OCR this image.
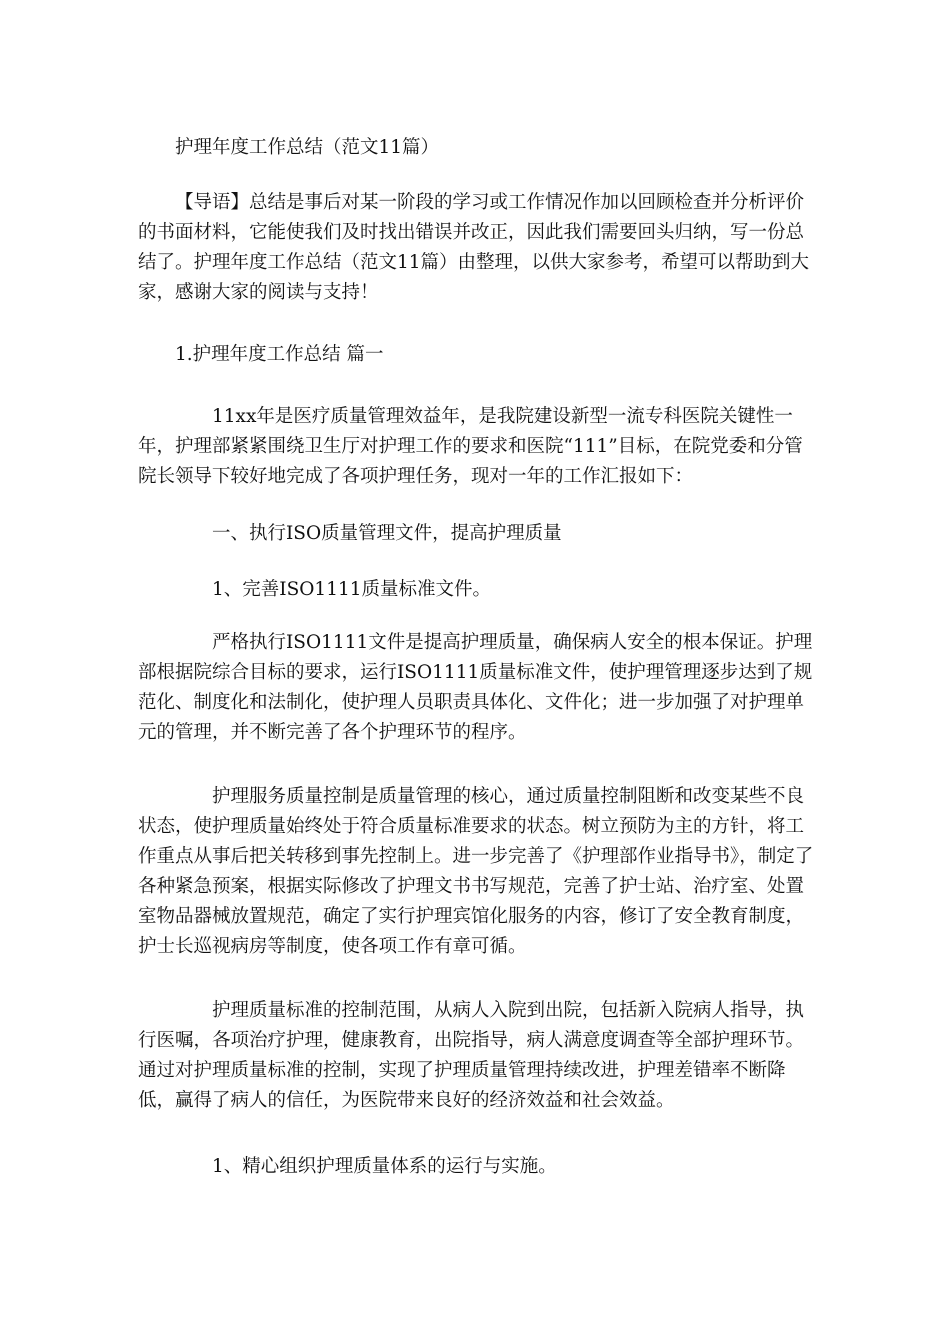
护理年度工作总结（范文11篇）

【导语】总结是事后对某一阶段的学习或工作情况作加以回顾检查并分析评价的书面材料，它能使我们及时找出错误并改正，因此我们需要回头归纳，写一份总结了。护理年度工作总结（范文11篇）由整理，以供大家参考，希望可以帮助到大家，感谢大家的阅读与支持！

1.护理年度工作总结 篇一

11xx年是医疗质量管理效益年，是我院建设新型一流专科医院关键性一年，护理部紧紧围绕卫生厅对护理工作的要求和医院“111”目标，在院党委和分管院长领导下较好地完成了各项护理任务，现对一年的工作汇报如下：

一、执行ISO质量管理文件，提高护理质量

1、完善ISO1111质量标准文件。

严格执行ISO1111文件是提高护理质量，确保病人安全的根本保证。护理部根据院综合目标的要求，运行ISO1111质量标准文件，使护理管理逐步达到了规范化、制度化和法制化，使护理人员职责具体化、文件化；进一步加强了对护理单元的管理，并不断完善了各个护理环节的程序。

护理服务质量控制是质量管理的核心，通过质量控制阻断和改变某些不良状态，使护理质量始终处于符合质量标准要求的状态。树立预防为主的方针，将工作重点从事后把关转移到事先控制上。进一步完善了《护理部作业指导书》，制定了各种紧急预案，根据实际修改了护理文书书写规范，完善了护士站、治疗室、处置室物品器械放置规范，确定了实行护理宾馆化服务的内容，修订了安全教育制度，护士长巡视病房等制度，使各项工作有章可循。

护理质量标准的控制范围，从病人入院到出院，包括新入院病人指导，执行医嘱，各项治疗护理，健康教育，出院指导，病人满意度调查等全部护理环节。通过对护理质量标准的控制，实现了护理质量管理持续改进，护理差错率不断降低，赢得了病人的信任，为医院带来良好的经济效益和社会效益。

1、精心组织护理质量体系的运行与实施。
